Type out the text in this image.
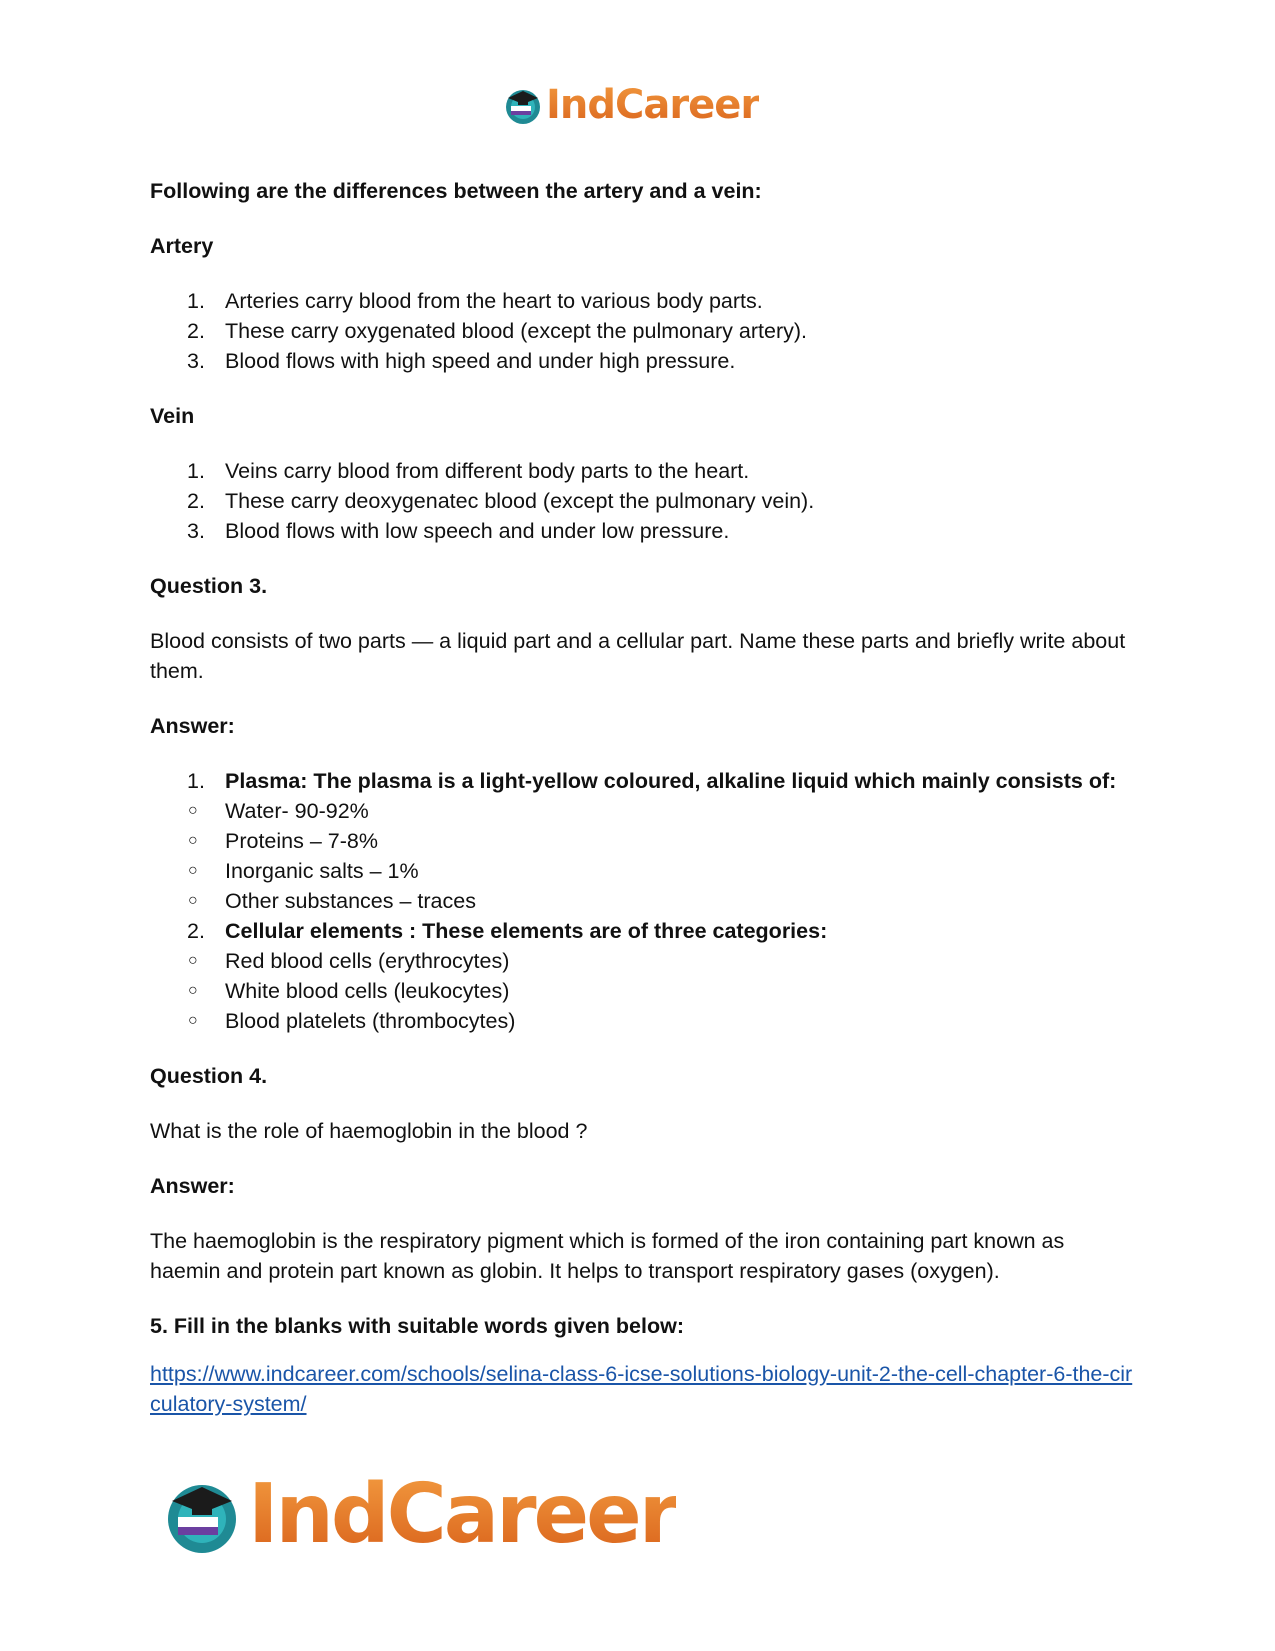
IndCareer

Following are the differences between the artery and a vein:

Artery

1. Arteries carry blood from the heart to various body parts.
2. These carry oxygenated blood (except the pulmonary artery).
3. Blood flows with high speed and under high pressure.

Vein

1. Veins carry blood from different body parts to the heart.
2. These carry deoxygenatec blood (except the pulmonary vein).
3. Blood flows with low speech and under low pressure.

Question 3.

Blood consists of two parts — a liquid part and a cellular part. Name these parts and briefly write about them.

Answer:

1. Plasma: The plasma is a light-yellow coloured, alkaline liquid which mainly consists of:
○ Water- 90-92%
○ Proteins – 7-8%
○ Inorganic salts – 1%
○ Other substances – traces
2. Cellular elements : These elements are of three categories:
○ Red blood cells (erythrocytes)
○ White blood cells (leukocytes)
○ Blood platelets (thrombocytes)

Question 4.

What is the role of haemoglobin in the blood ?

Answer:

The haemoglobin is the respiratory pigment which is formed of the iron containing part known as haemin and protein part known as globin. It helps to transport respiratory gases (oxygen).

5. Fill in the blanks with suitable words given below:

https://www.indcareer.com/schools/selina-class-6-icse-solutions-biology-unit-2-the-cell-chapter-6-the-circulatory-system/

IndCareer
